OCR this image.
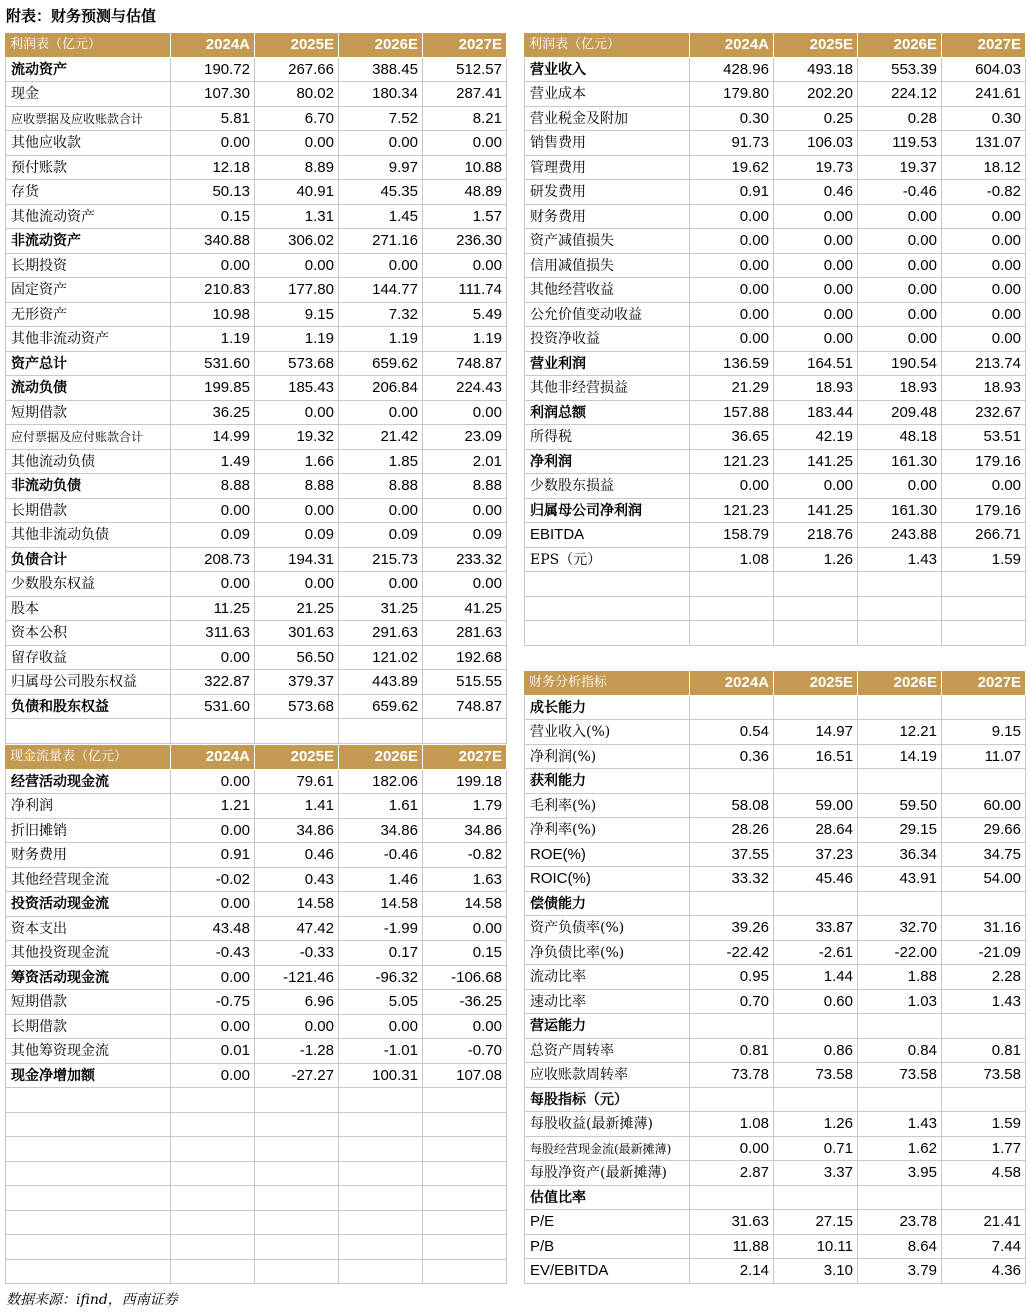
附表：财务预测与估值
利润表（亿元）	2024A	2025E	2026E	2027E
流动资产	190.72	267.66	388.45	512.57
现金	107.30	80.02	180.34	287.41
应收票据及应收账款合计	5.81	6.70	7.52	8.21
其他应收款	0.00	0.00	0.00	0.00
预付账款	12.18	8.89	9.97	10.88
存货	50.13	40.91	45.35	48.89
其他流动资产	0.15	1.31	1.45	1.57
非流动资产	340.88	306.02	271.16	236.30
长期投资	0.00	0.00	0.00	0.00
固定资产	210.83	177.80	144.77	111.74
无形资产	10.98	9.15	7.32	5.49
其他非流动资产	1.19	1.19	1.19	1.19
资产总计	531.60	573.68	659.62	748.87
流动负债	199.85	185.43	206.84	224.43
短期借款	36.25	0.00	0.00	0.00
应付票据及应付账款合计	14.99	19.32	21.42	23.09
其他流动负债	1.49	1.66	1.85	2.01
非流动负债	8.88	8.88	8.88	8.88
长期借款	0.00	0.00	0.00	0.00
其他非流动负债	0.09	0.09	0.09	0.09
负债合计	208.73	194.31	215.73	233.32
少数股东权益	0.00	0.00	0.00	0.00
股本	11.25	21.25	31.25	41.25
资本公积	311.63	301.63	291.63	281.63
留存收益	0.00	56.50	121.02	192.68
归属母公司股东权益	322.87	379.37	443.89	515.55
负债和股东权益	531.60	573.68	659.62	748.87
现金流量表（亿元）	2024A	2025E	2026E	2027E
经营活动现金流	0.00	79.61	182.06	199.18
净利润	1.21	1.41	1.61	1.79
折旧摊销	0.00	34.86	34.86	34.86
财务费用	0.91	0.46	-0.46	-0.82
其他经营现金流	-0.02	0.43	1.46	1.63
投资活动现金流	0.00	14.58	14.58	14.58
资本支出	43.48	47.42	-1.99	0.00
其他投资现金流	-0.43	-0.33	0.17	0.15
筹资活动现金流	0.00	-121.46	-96.32	-106.68
短期借款	-0.75	6.96	5.05	-36.25
长期借款	0.00	0.00	0.00	0.00
其他筹资现金流	0.01	-1.28	-1.01	-0.70
现金净增加额	0.00	-27.27	100.31	107.08
利润表（亿元）	2024A	2025E	2026E	2027E
营业收入	428.96	493.18	553.39	604.03
营业成本	179.80	202.20	224.12	241.61
营业税金及附加	0.30	0.25	0.28	0.30
销售费用	91.73	106.03	119.53	131.07
管理费用	19.62	19.73	19.37	18.12
研发费用	0.91	0.46	-0.46	-0.82
财务费用	0.00	0.00	0.00	0.00
资产减值损失	0.00	0.00	0.00	0.00
信用减值损失	0.00	0.00	0.00	0.00
其他经营收益	0.00	0.00	0.00	0.00
公允价值变动收益	0.00	0.00	0.00	0.00
投资净收益	0.00	0.00	0.00	0.00
营业利润	136.59	164.51	190.54	213.74
其他非经营损益	21.29	18.93	18.93	18.93
利润总额	157.88	183.44	209.48	232.67
所得税	36.65	42.19	48.18	53.51
净利润	121.23	141.25	161.30	179.16
少数股东损益	0.00	0.00	0.00	0.00
归属母公司净利润	121.23	141.25	161.30	179.16
EBITDA	158.79	218.76	243.88	266.71
EPS（元）	1.08	1.26	1.43	1.59
财务分析指标	2024A	2025E	2026E	2027E
成长能力
营业收入(%)	0.54	14.97	12.21	9.15
净利润(%)	0.36	16.51	14.19	11.07
获利能力
毛利率(%)	58.08	59.00	59.50	60.00
净利率(%)	28.26	28.64	29.15	29.66
ROE(%)	37.55	37.23	36.34	34.75
ROIC(%)	33.32	45.46	43.91	54.00
偿债能力
资产负债率(%)	39.26	33.87	32.70	31.16
净负债比率(%)	-22.42	-2.61	-22.00	-21.09
流动比率	0.95	1.44	1.88	2.28
速动比率	0.70	0.60	1.03	1.43
营运能力
总资产周转率	0.81	0.86	0.84	0.81
应收账款周转率	73.78	73.58	73.58	73.58
每股指标（元）
每股收益(最新摊薄)	1.08	1.26	1.43	1.59
每股经营现金流(最新摊薄)	0.00	0.71	1.62	1.77
每股净资产(最新摊薄)	2.87	3.37	3.95	4.58
估值比率
P/E	31.63	27.15	23.78	21.41
P/B	11.88	10.11	8.64	7.44
EV/EBITDA	2.14	3.10	3.79	4.36
数据来源：ifind，西南证券
